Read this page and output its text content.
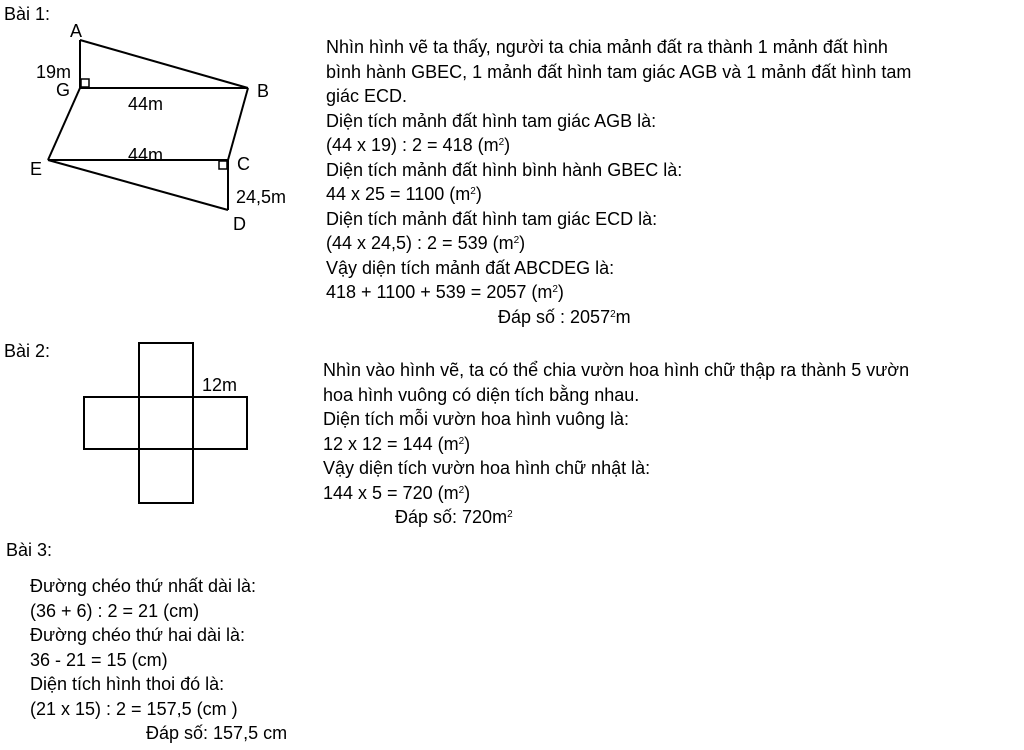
Bài 1:
A
G	B
E	C
D
19m
44m
44m
24,5m
12m
Nhìn hình vẽ ta thấy, người ta chia mảnh đất ra thành 1 mảnh đất hình
bình hành GBEC, 1 mảnh đất hình tam giác AGB và 1 mảnh đất hình tam
giác ECD.
Diện tích mảnh đất hình tam giác AGB là:
(44 x 19) : 2 = 418 $(m^2)$
Diện tích mảnh đất hình bình hành GBEC là:
44 x 25 = 1100 $(m^2)$
Diện tích mảnh đất hình tam giác ECD là:
(44 x 24,5) : 2 = 539 $(m^2)$
Vậy diện tích mảnh đất ABCDEG là:
418 + 1100 + 539 = 2057 $(m^2)$
Đáp số : 2057$^2$m
Bài 2:
Nhìn vào hình vẽ, ta có thể chia vườn hoa hình chữ thập ra thành 5 vườn
hoa hình vuông có diện tích bằng nhau.
Diện tích mỗi vườn hoa hình vuông là:
12 x 12 = 144 $(m^2)$
Vậy diện tích vườn hoa hình chữ nhật là:
144 x 5 = 720 $(m^2)$
Đáp số: $720m^2$
Bài 3:
Đường chéo thứ nhất dài là:
(36 + 6) : 2 = 21 (cm)
Đường chéo thứ hai dài là:
36 - 21 = 15 (cm)
Diện tích hình thoi đó là:
(21 x 15) : 2 = 157,5 (cm )
Đáp số: 157,5 cm
